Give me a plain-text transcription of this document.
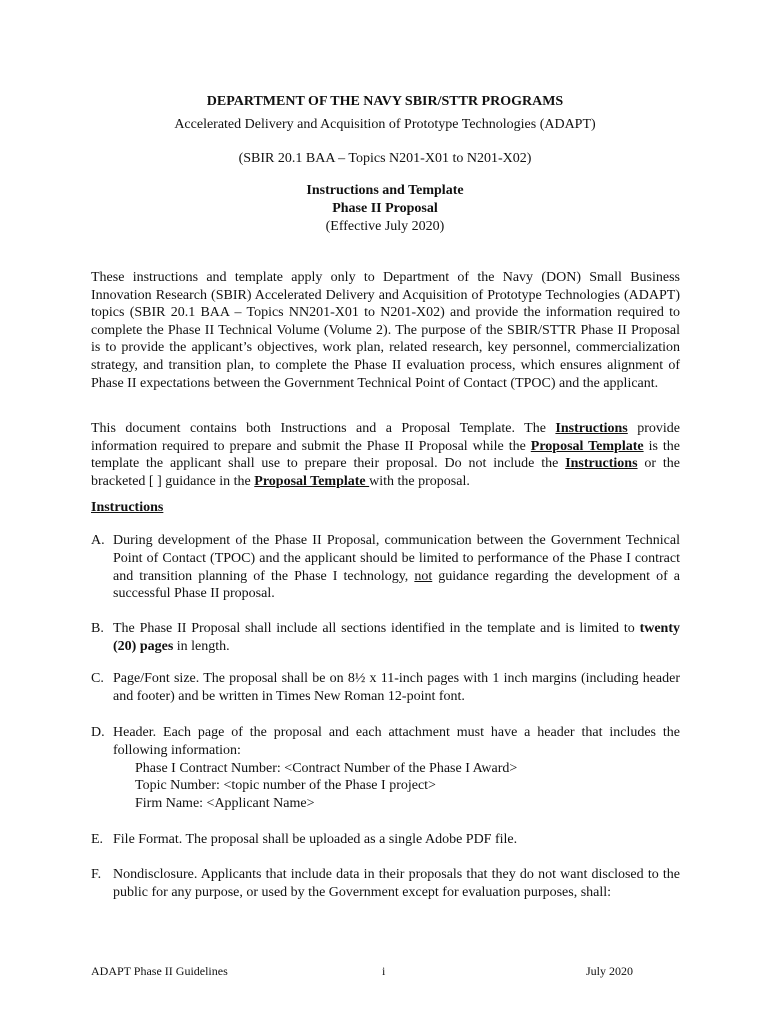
DEPARTMENT OF THE NAVY SBIR/STTR PROGRAMS
Accelerated Delivery and Acquisition of Prototype Technologies (ADAPT)
(SBIR 20.1 BAA – Topics N201-X01 to N201-X02)
Instructions and Template
Phase II Proposal
(Effective July 2020)
These instructions and template apply only to Department of the Navy (DON) Small Business Innovation Research (SBIR) Accelerated Delivery and Acquisition of Prototype Technologies (ADAPT) topics (SBIR 20.1 BAA – Topics NN201-X01 to N201-X02) and provide the information required to complete the Phase II Technical Volume (Volume 2). The purpose of the SBIR/STTR Phase II Proposal is to provide the applicant’s objectives, work plan, related research, key personnel, commercialization strategy, and transition plan, to complete the Phase II evaluation process, which ensures alignment of Phase II expectations between the Government Technical Point of Contact (TPOC) and the applicant.
This document contains both Instructions and a Proposal Template. The Instructions provide information required to prepare and submit the Phase II Proposal while the Proposal Template is the template the applicant shall use to prepare their proposal. Do not include the Instructions or the bracketed [ ] guidance in the Proposal Template with the proposal.
Instructions
A. During development of the Phase II Proposal, communication between the Government Technical Point of Contact (TPOC) and the applicant should be limited to performance of the Phase I contract and transition planning of the Phase I technology, not guidance regarding the development of a successful Phase II proposal.
B. The Phase II Proposal shall include all sections identified in the template and is limited to twenty (20) pages in length.
C. Page/Font size. The proposal shall be on 8½ x 11-inch pages with 1 inch margins (including header and footer) and be written in Times New Roman 12-point font.
D. Header. Each page of the proposal and each attachment must have a header that includes the following information:
Phase I Contract Number: <Contract Number of the Phase I Award>
Topic Number: <topic number of the Phase I project>
Firm Name: <Applicant Name>
E. File Format. The proposal shall be uploaded as a single Adobe PDF file.
F. Nondisclosure. Applicants that include data in their proposals that they do not want disclosed to the public for any purpose, or used by the Government except for evaluation purposes, shall:
ADAPT Phase II Guidelines	i	July 2020
